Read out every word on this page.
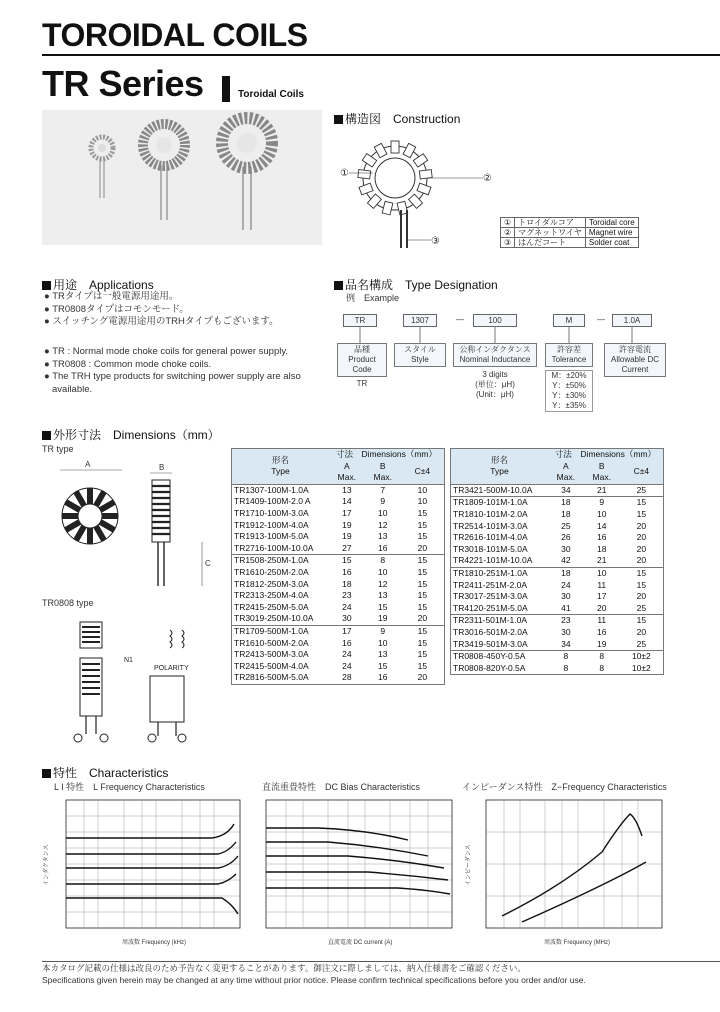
TOROIDAL COILS
TR Series	Toroidal Coils
構造図　Construction
①	②
③
①	トロイダルコア	Toroidal core
②	マグネットワイヤ	Magnet wire
③	はんだコート	Solder coat
用途　Applications
● TRタイプは一般電源用途用。
● TR0808タイプはコモンモード。
● スイッチング電源用途用のTRHタイプもございます。
● TR : Normal mode choke coils for general power supply.
● TR0808 : Common mode choke coils.
● The TRH type products for switching power supply are also
available.
品名構成　Type Designation
例　Example
TR	1307	—	100	M	—	1.0A
品種
Product Code
TR
スタイル
Style
公称インダクタンス
Nominal Inductance
3 digits
(単位：μH)
(Unit：μH)
許容差
Tolerance
M：±20%
Y：±50%
Y：±30%
Y：±35%
許容電流
Allowable DC Current
外形寸法　Dimensions（mm）
TR type
A	B
C
TR0808 type
N1
POLARITY
形名
Type	寸法　Dimensions（mm）		
	A
Max.	B
Max.	C±4
TR1307-100M-1.0A	13	7	10
TR1409-100M-2.0 A	14	9	10
TR1710-100M-3.0A	17	10	15
TR1912-100M-4.0A	19	12	15
TR1913-100M-5.0A	19	13	15
TR2716-100M-10.0A	27	16	20
TR1508-250M-1.0A	15	8	15
TR1610-250M-2.0A	16	10	15
TR1812-250M-3.0A	18	12	15
TR2313-250M-4.0A	23	13	15
TR2415-250M-5.0A	24	15	15
TR3019-250M-10.0A	30	19	20
TR1709-500M-1.0A	17	9	15
TR1610-500M-2.0A	16	10	15
TR2413-500M-3.0A	24	13	15
TR2415-500M-4.0A	24	15	15
TR2816-500M-5.0A	28	16	20
形名
Type	寸法　Dimensions（mm）		
	A
Max.	B
Max.	C±4
TR3421-500M-10.0A	34	21	25
TR1809-101M-1.0A	18	9	15
TR1810-101M-2.0A	18	10	15
TR2514-101M-3.0A	25	14	20
TR2616-101M-4.0A	26	16	20
TR3018-101M-5.0A	30	18	20
TR4221-101M-10.0A	42	21	20
TR1810-251M-1.0A	18	10	15
TR2411-251M-2.0A	24	11	15
TR3017-251M-3.0A	30	17	20
TR4120-251M-5.0A	41	20	25
TR2311-501M-1.0A	23	11	15
TR3016-501M-2.0A	30	16	20
TR3419-501M-3.0A	34	19	25
TR0808-450Y-0.5A	8	8	10±2
TR0808-820Y-0.5A	8	8	10±2
特性　Characteristics
L I 特性　L Frequency Characteristics	直流重畳特性　DC Bias Characteristics	インピーダンス特性　Z−Frequency Characteristics
インダクタンス
周波数 Frequency (kHz)	直流電流 DC current (A)
インピーダンス
周波数 Frequency (MHz)
本カタログ記載の仕様は改良のため予告なく変更することがあります。御注文に際しましては、納入仕様書をご確認ください。
Specifications given herein may be changed at any time without prior notice. Please confirm technical specifications before you order and/or use.
